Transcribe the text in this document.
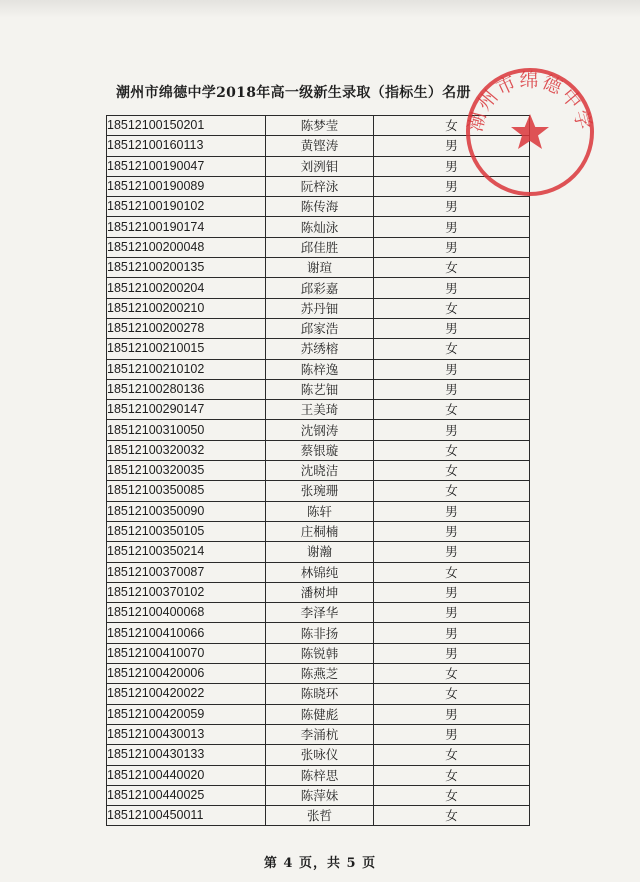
潮州市绵德中学2018年高一级新生录取（指标生）名册
18512100150201	陈梦莹	女
18512100160113	黄铿涛	男
18512100190047	刘洌钼	男
18512100190089	阮梓泳	男
18512100190102	陈传海	男
18512100190174	陈灿泳	男
18512100200048	邱佳胜	男
18512100200135	谢瑄	女
18512100200204	邱彩嘉	男
18512100200210	苏丹钿	女
18512100200278	邱家浩	男
18512100210015	苏绣榕	女
18512100210102	陈梓逸	男
18512100280136	陈艺钿	男
18512100290147	王美琦	女
18512100310050	沈钢涛	男
18512100320032	蔡银璇	女
18512100320035	沈晓洁	女
18512100350085	张琬珊	女
18512100350090	陈轩	男
18512100350105	庄桐楠	男
18512100350214	谢瀚	男
18512100370087	林锦纯	女
18512100370102	潘树坤	男
18512100400068	李泽华	男
18512100410066	陈非扬	男
18512100410070	陈锐韩	男
18512100420006	陈燕芝	女
18512100420022	陈晓环	女
18512100420059	陈健彪	男
18512100430013	李涌杭	男
18512100430133	张咏仪	女
18512100440020	陈梓思	女
18512100440025	陈萍妹	女
18512100450011	张哲	女
潮州市绵德中学
第 4 页，共 5 页
